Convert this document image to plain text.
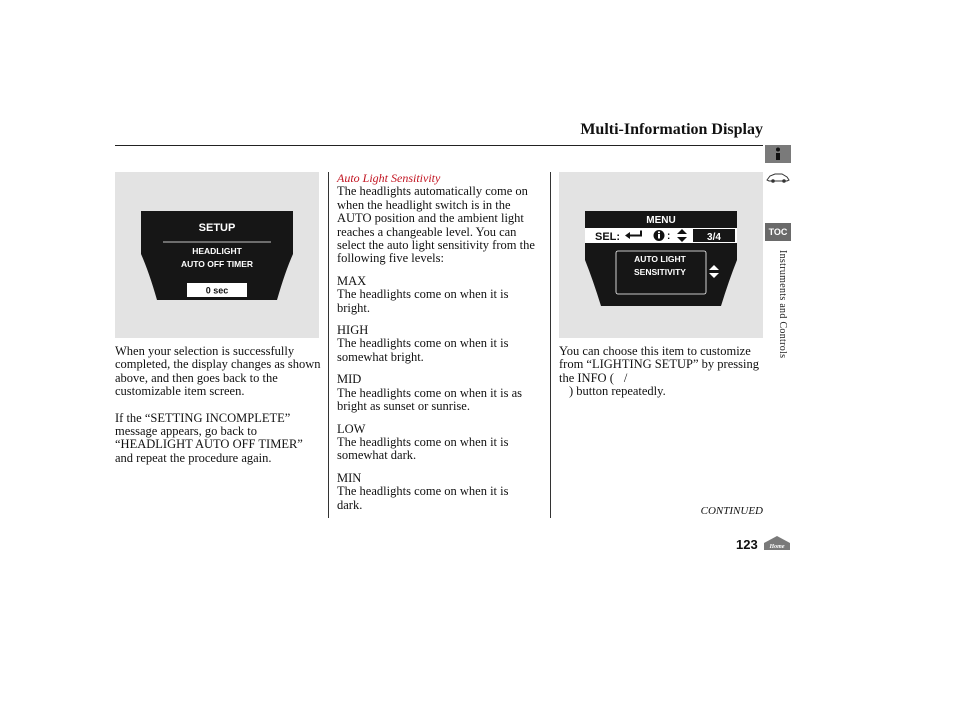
Multi-Information Display
SETUP
HEADLIGHT
AUTO OFF TIMER
0 sec

When your selection is successfully completed, the display changes as shown above, and then goes back to the customizable item screen.

If the “SETTING INCOMPLETE” message appears, go back to “HEADLIGHT AUTO OFF TIMER” and repeat the procedure again.

Auto Light Sensitivity

The headlights automatically come on when the headlight switch is in the AUTO position and the ambient light reaches a changeable level. You can select the auto light sensitivity from the following five levels:

MAX

The headlights come on when it is bright.

HIGH

The headlights come on when it is somewhat bright.

MID

The headlights come on when it is as bright as sunset or sunrise.

LOW

The headlights come on when it is somewhat dark.

MIN

The headlights come on when it is dark.

MENU
SEL:	:	3/4
AUTO LIGHT
SENSITIVITY

You can choose this item to customize from “LIGHTING SETUP” by pressing the INFO ( /
) button repeatedly.

TOC
Instruments and Controls
CONTINUED
123 Home
